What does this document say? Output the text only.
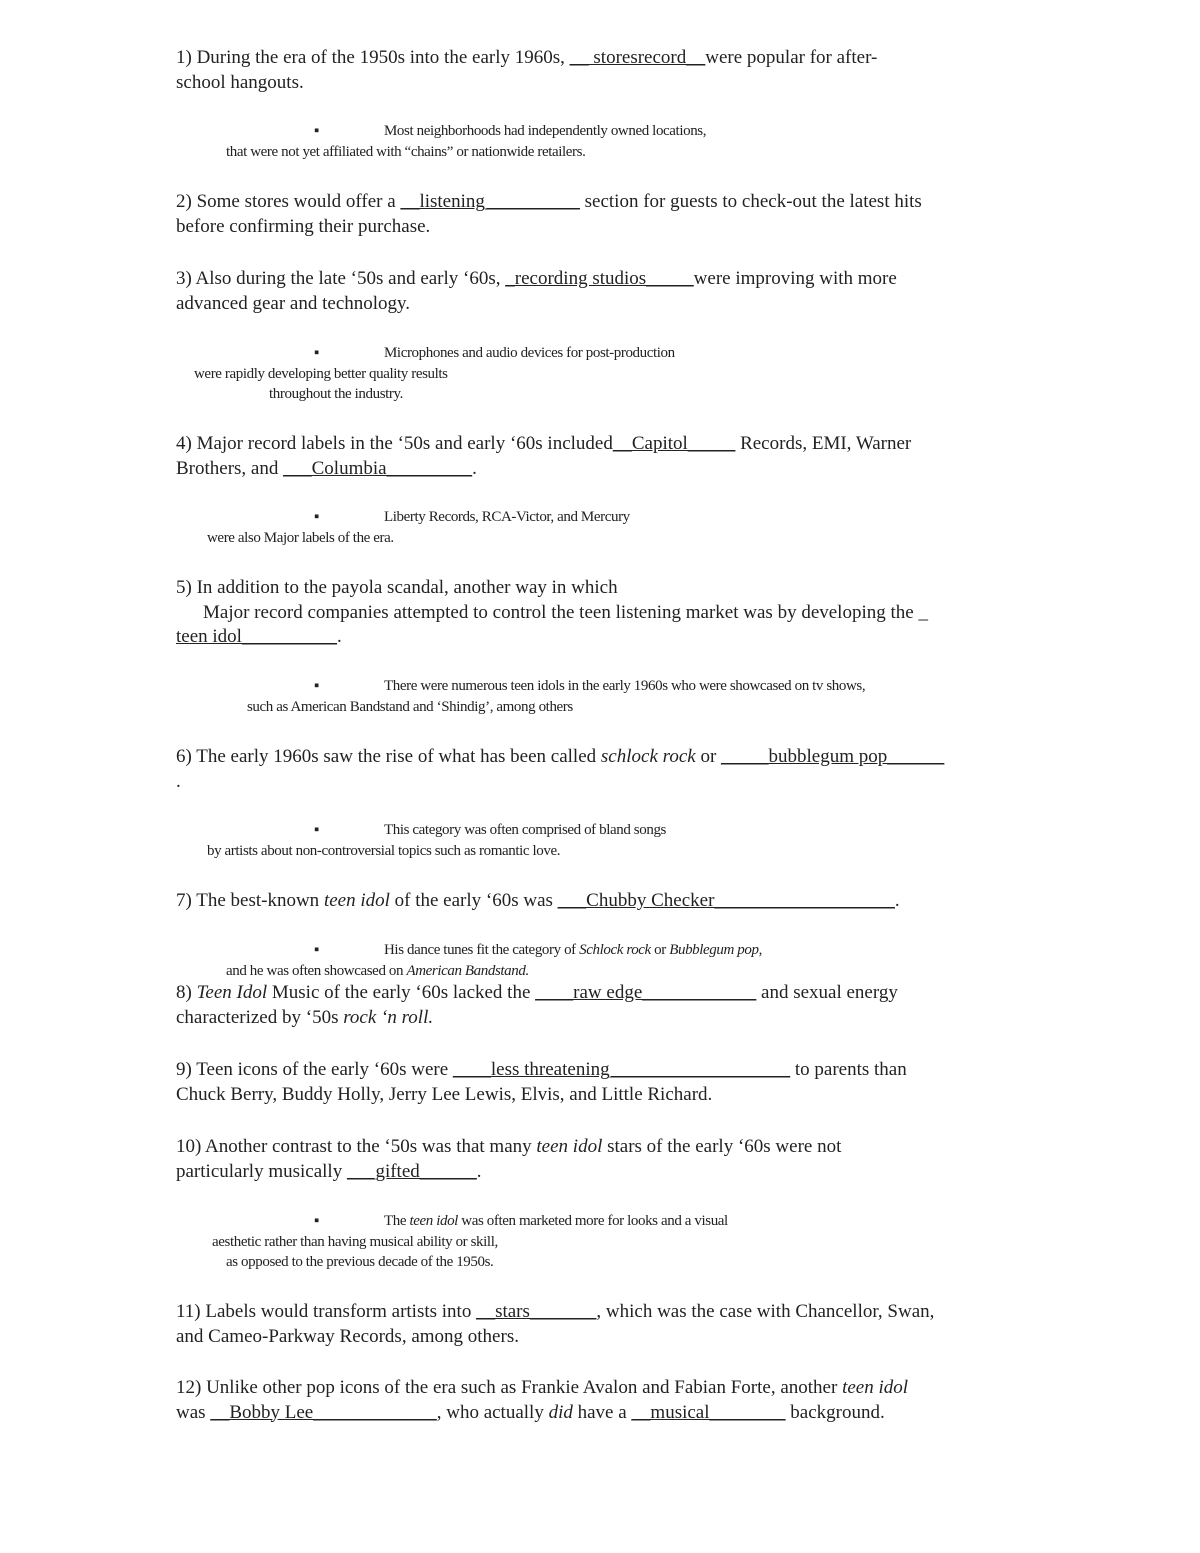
1) During the era of the 1950s into the early 1960s, __ storesrecord__were popular for after-
school hangouts.
▪	Most neighborhoods had independently owned locations,
that were not yet affiliated with “chains” or nationwide retailers.
2) Some stores would offer a __listening__________ section for guests to check-out the latest hits
before confirming their purchase.
3) Also during the late ‘50s and early ‘60s, _recording studios_____were improving with more
advanced gear and technology.
▪	Microphones and audio devices for post-production
were rapidly developing better quality results
throughout the industry.
4) Major record labels in the ‘50s and early ‘60s included__Capitol_____ Records, EMI, Warner
Brothers, and ___Columbia_________.
▪	Liberty Records, RCA-Victor, and Mercury
were also Major labels of the era.
5) In addition to the payola scandal, another way in which
Major record companies attempted to control the teen listening market was by developing the _
teen idol__________.
▪	There were numerous teen idols in the early 1960s who were showcased on tv shows,
such as American Bandstand and ‘Shindig’, among others
6) The early 1960s saw the rise of what has been called schlock rock or _____bubblegum pop______
.
▪	This category was often comprised of bland songs
by artists about non-controversial topics such as romantic love.
7) The best-known teen idol of the early ‘60s was ___Chubby Checker___________________.
▪	His dance tunes fit the category of Schlock rock or Bubblegum pop,
and he was often showcased on American Bandstand.
8) Teen Idol Music of the early ‘60s lacked the ____raw edge____________ and sexual energy
characterized by ‘50s rock ‘n roll.
9) Teen icons of the early ‘60s were ____less threatening___________________ to parents than
Chuck Berry, Buddy Holly, Jerry Lee Lewis, Elvis, and Little Richard.
10) Another contrast to the ‘50s was that many teen idol stars of the early ‘60s were not
particularly musically ___gifted______.
▪	The teen idol was often marketed more for looks and a visual
aesthetic rather than having musical ability or skill,
as opposed to the previous decade of the 1950s.
11) Labels would transform artists into __stars_______, which was the case with Chancellor, Swan,
and Cameo-Parkway Records, among others.
12) Unlike other pop icons of the era such as Frankie Avalon and Fabian Forte, another teen idol
was __Bobby Lee_____________, who actually did have a __musical________ background.
